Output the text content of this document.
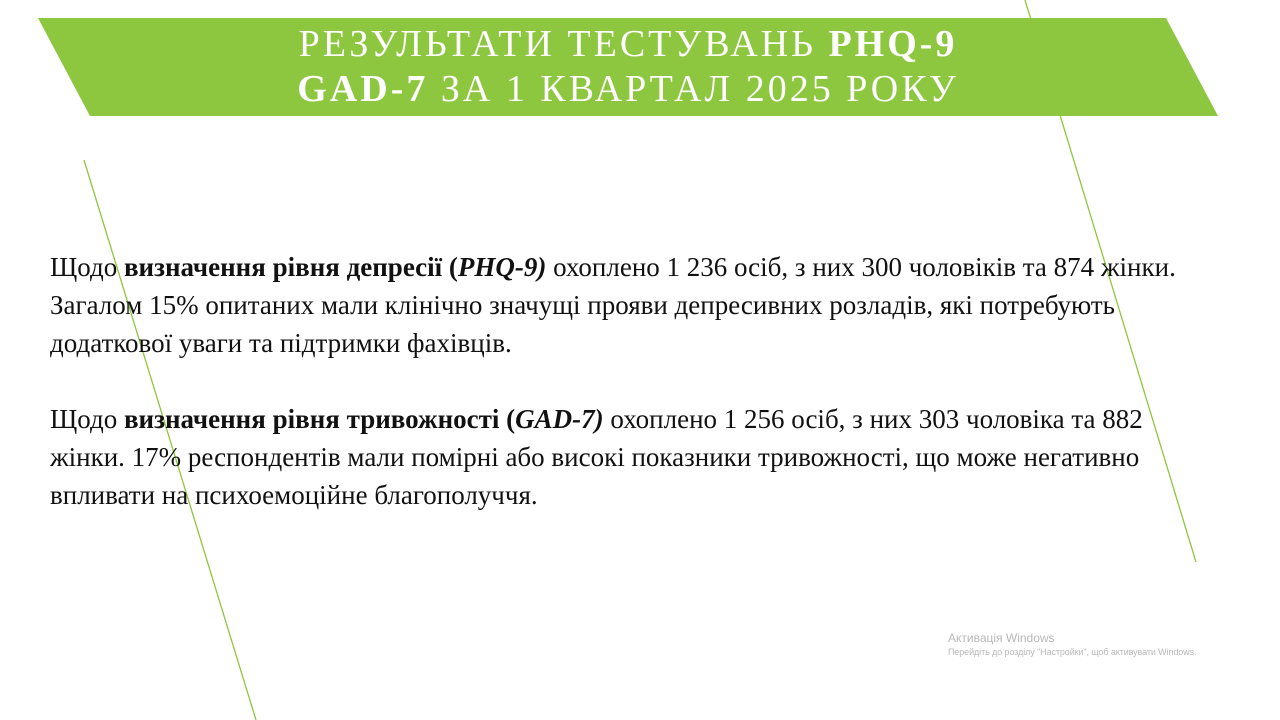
РЕЗУЛЬТАТИ ТЕСТУВАНЬ PHQ-9
GAD-7 ЗА 1 КВАРТАЛ 2025 РОКУ

Щодо визначення рівня депресії (PHQ-9) охоплено 1 236 осіб, з них 300 чоловіків та 874 жінки. Загалом 15% опитаних мали клінічно значущі прояви депресивних розладів, які потребують додаткової уваги та підтримки фахівців.

Щодо визначення рівня тривожності (GAD-7) охоплено 1 256 осіб, з них 303 чоловіка та 882 жінки. 17% респондентів мали помірні або високі показники тривожності, що може негативно впливати на психоемоційне благополуччя.

Активація Windows
Перейдіть до розділу "Настройки", щоб активувати Windows.
